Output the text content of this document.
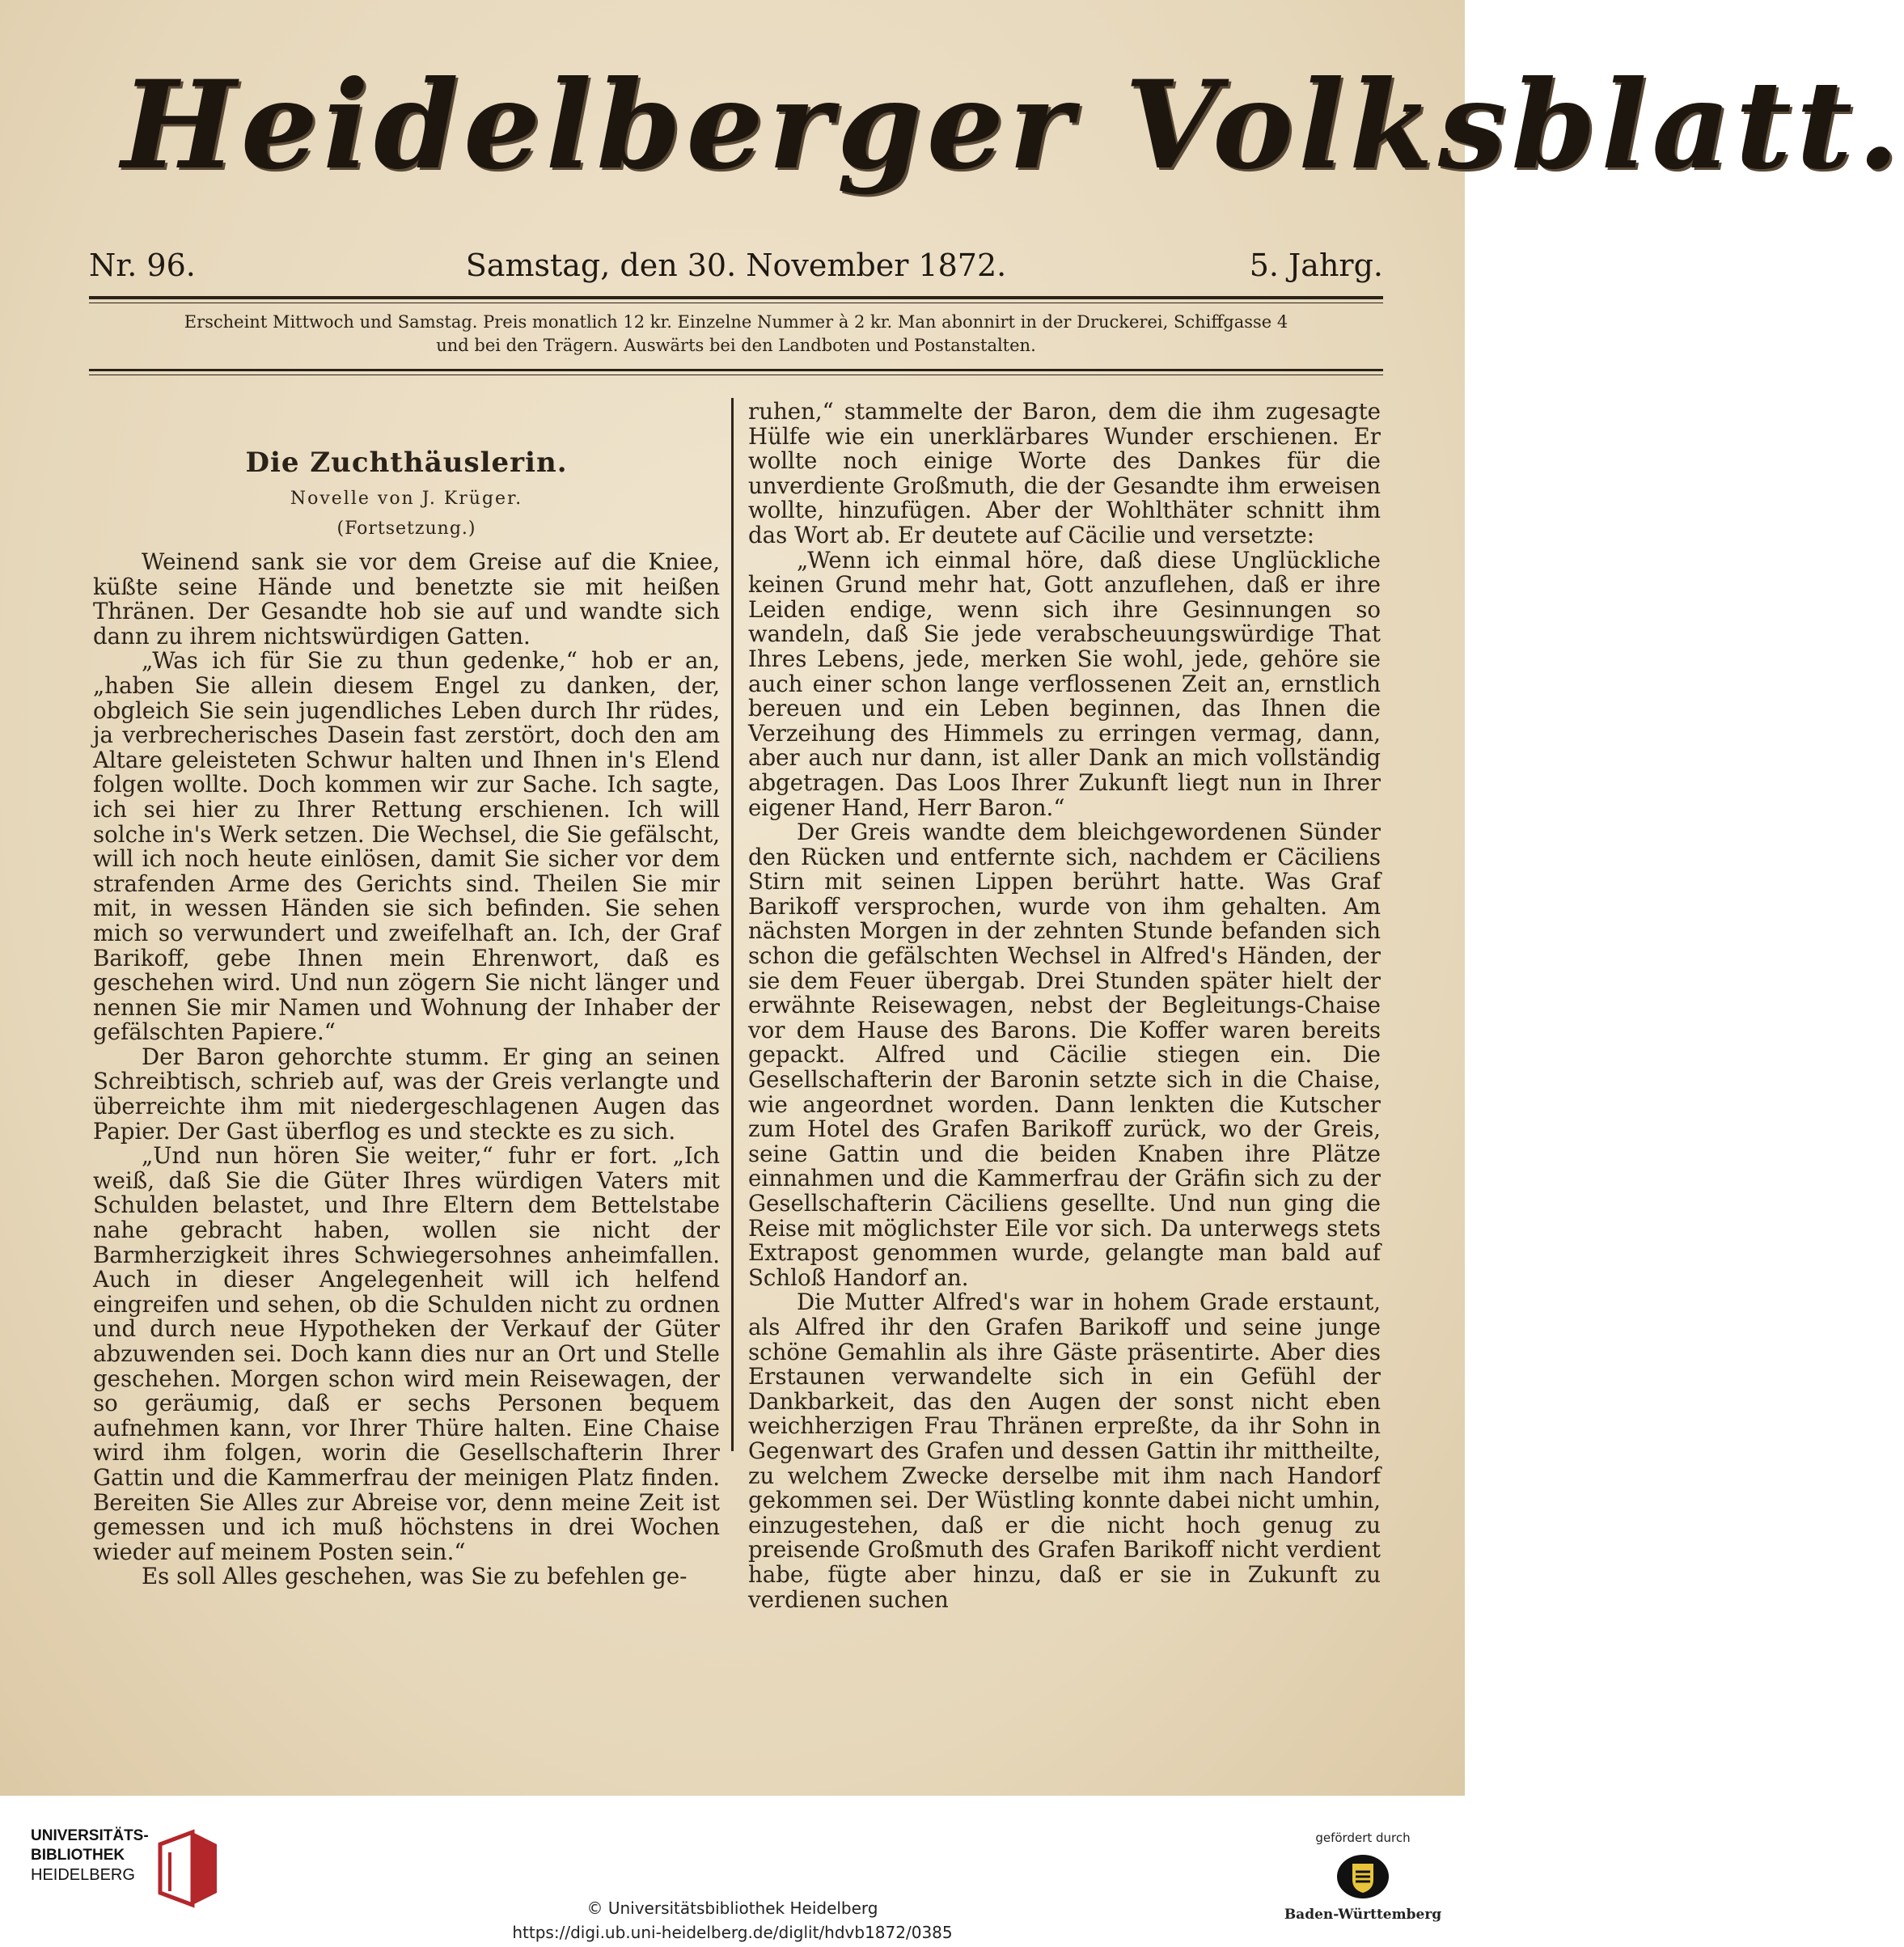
Heidelberger Volksblatt.
Nr. 96.	Samstag, den 30. November 1872.	5. Jahrg.
Erscheint Mittwoch und Samstag. Preis monatlich 12 kr. Einzelne Nummer à 2 kr. Man abonnirt in der Druckerei, Schiffgasse 4
und bei den Trägern. Auswärts bei den Landboten und Postanstalten.
Die Zuchthäuslerin.
Novelle von J. Krüger.
(Fortsetzung.)

Weinend sank sie vor dem Greise auf die Kniee, küßte seine Hände und benetzte sie mit heißen Thränen. Der Gesandte hob sie auf und wandte sich dann zu ihrem nichtswürdigen Gatten.

„Was ich für Sie zu thun gedenke,“ hob er an, „haben Sie allein diesem Engel zu danken, der, obgleich Sie sein jugendliches Leben durch Ihr rüdes, ja verbrecherisches Dasein fast zerstört, doch den am Altare geleisteten Schwur halten und Ihnen in's Elend folgen wollte. Doch kommen wir zur Sache. Ich sagte, ich sei hier zu Ihrer Rettung erschienen. Ich will solche in's Werk setzen. Die Wechsel, die Sie gefälscht, will ich noch heute einlösen, damit Sie sicher vor dem strafenden Arme des Gerichts sind. Theilen Sie mir mit, in wessen Händen sie sich befinden. Sie sehen mich so verwundert und zweifelhaft an. Ich, der Graf Barikoff, gebe Ihnen mein Ehrenwort, daß es geschehen wird. Und nun zögern Sie nicht länger und nennen Sie mir Namen und Wohnung der Inhaber der gefälschten Papiere.“

Der Baron gehorchte stumm. Er ging an seinen Schreibtisch, schrieb auf, was der Greis verlangte und überreichte ihm mit niedergeschlagenen Augen das Papier. Der Gast überflog es und steckte es zu sich.

„Und nun hören Sie weiter,“ fuhr er fort. „Ich weiß, daß Sie die Güter Ihres würdigen Vaters mit Schulden belastet, und Ihre Eltern dem Bettelstabe nahe gebracht haben, wollen sie nicht der Barmherzigkeit ihres Schwiegersohnes anheimfallen. Auch in dieser Angelegenheit will ich helfend eingreifen und sehen, ob die Schulden nicht zu ordnen und durch neue Hypotheken der Verkauf der Güter abzuwenden sei. Doch kann dies nur an Ort und Stelle geschehen. Morgen schon wird mein Reisewagen, der so geräumig, daß er sechs Personen bequem aufnehmen kann, vor Ihrer Thüre halten. Eine Chaise wird ihm folgen, worin die Gesellschafterin Ihrer Gattin und die Kammerfrau der meinigen Platz finden. Bereiten Sie Alles zur Abreise vor, denn meine Zeit ist gemessen und ich muß höchstens in drei Wochen wieder auf meinem Posten sein.“

Es soll Alles geschehen, was Sie zu befehlen ge-

ruhen,“ stammelte der Baron, dem die ihm zugesagte Hülfe wie ein unerklärbares Wunder erschienen. Er wollte noch einige Worte des Dankes für die unverdiente Großmuth, die der Gesandte ihm erweisen wollte, hinzufügen. Aber der Wohlthäter schnitt ihm das Wort ab. Er deutete auf Cäcilie und versetzte:

„Wenn ich einmal höre, daß diese Unglückliche keinen Grund mehr hat, Gott anzuflehen, daß er ihre Leiden endige, wenn sich ihre Gesinnungen so wandeln, daß Sie jede verabscheuungswürdige That Ihres Lebens, jede, merken Sie wohl, jede, gehöre sie auch einer schon lange verflossenen Zeit an, ernstlich bereuen und ein Leben beginnen, das Ihnen die Verzeihung des Himmels zu erringen vermag, dann, aber auch nur dann, ist aller Dank an mich vollständig abgetragen. Das Loos Ihrer Zukunft liegt nun in Ihrer eigener Hand, Herr Baron.“

Der Greis wandte dem bleichgewordenen Sünder den Rücken und entfernte sich, nachdem er Cäciliens Stirn mit seinen Lippen berührt hatte. Was Graf Barikoff versprochen, wurde von ihm gehalten. Am nächsten Morgen in der zehnten Stunde befanden sich schon die gefälschten Wechsel in Alfred's Händen, der sie dem Feuer übergab. Drei Stunden später hielt der erwähnte Reisewagen, nebst der Begleitungs-Chaise vor dem Hause des Barons. Die Koffer waren bereits gepackt. Alfred und Cäcilie stiegen ein. Die Gesellschafterin der Baronin setzte sich in die Chaise, wie angeordnet worden. Dann lenkten die Kutscher zum Hotel des Grafen Barikoff zurück, wo der Greis, seine Gattin und die beiden Knaben ihre Plätze einnahmen und die Kammerfrau der Gräfin sich zu der Gesellschafterin Cäciliens gesellte. Und nun ging die Reise mit möglichster Eile vor sich. Da unterwegs stets Extrapost genommen wurde, gelangte man bald auf Schloß Handorf an.

Die Mutter Alfred's war in hohem Grade erstaunt, als Alfred ihr den Grafen Barikoff und seine junge schöne Gemahlin als ihre Gäste präsentirte. Aber dies Erstaunen verwandelte sich in ein Gefühl der Dankbarkeit, das den Augen der sonst nicht eben weichherzigen Frau Thränen erpreßte, da ihr Sohn in Gegenwart des Grafen und dessen Gattin ihr mittheilte, zu welchem Zwecke derselbe mit ihm nach Handorf gekommen sei. Der Wüstling konnte dabei nicht umhin, einzugestehen, daß er die nicht hoch genug zu preisende Großmuth des Grafen Barikoff nicht verdient habe, fügte aber hinzu, daß er sie in Zukunft zu verdienen suchen

UNIVERSITÄTS-
BIBLIOTHEK
HEIDELBERG
© Universitätsbibliothek Heidelberg
https://digi.ub.uni-heidelberg.de/diglit/hdvb1872/0385
gefördert durch
Baden-Württemberg
